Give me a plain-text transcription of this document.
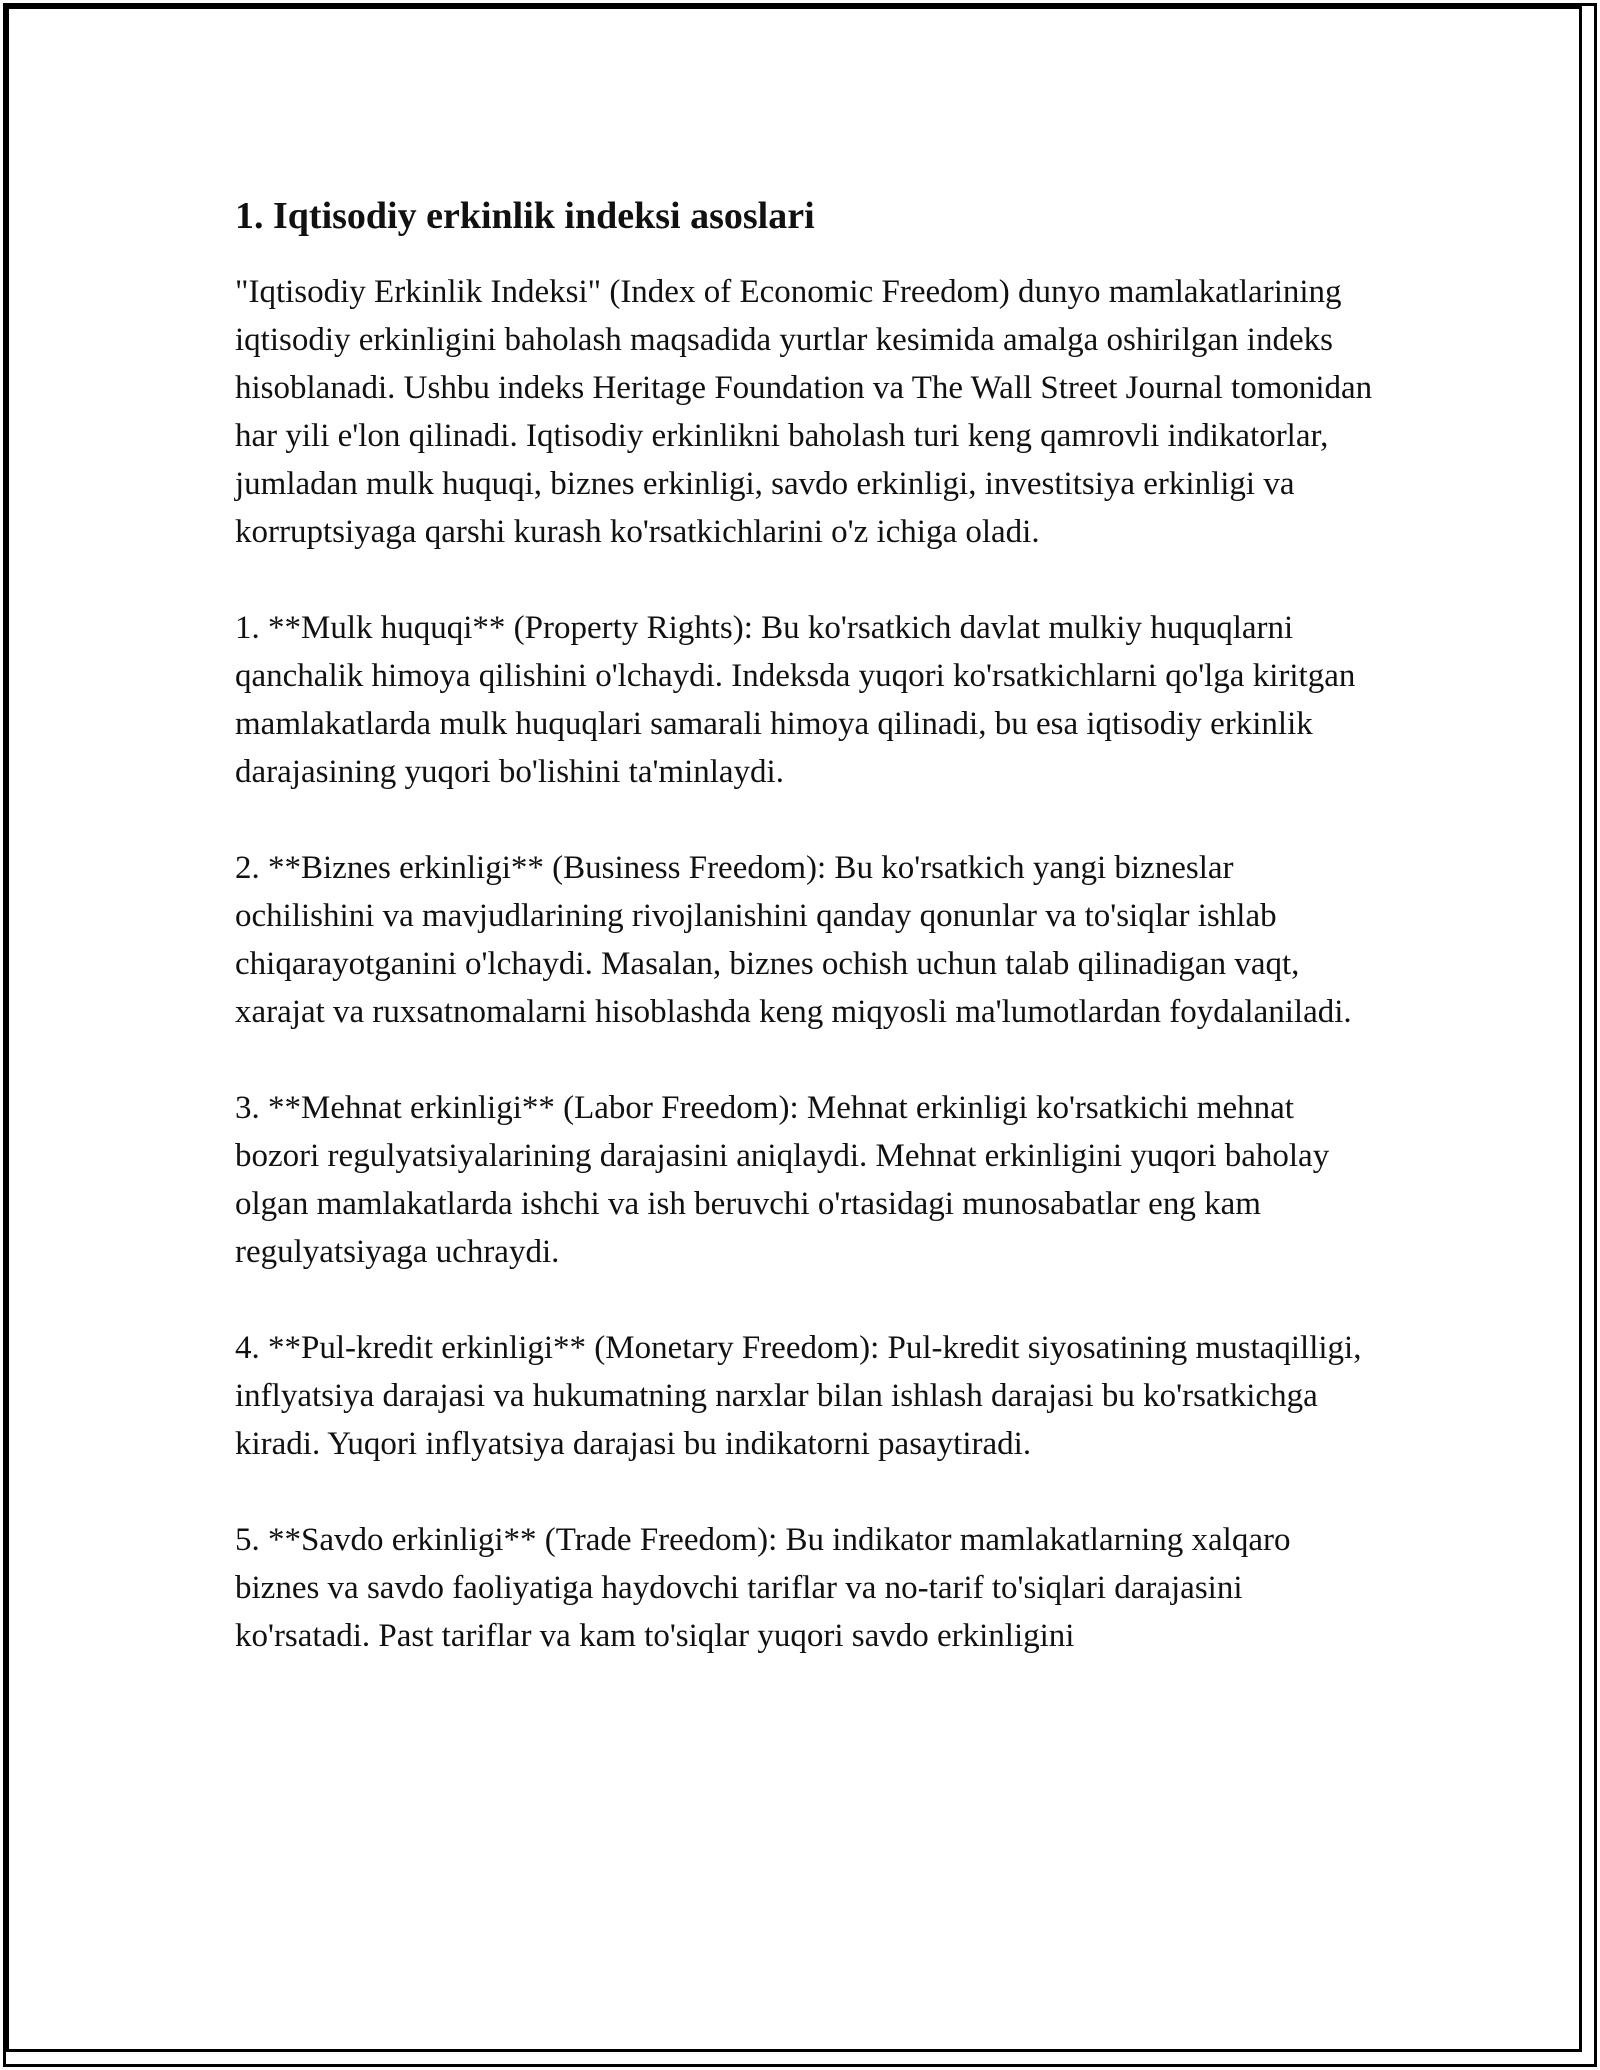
1. Iqtisodiy erkinlik indeksi asoslari

"Iqtisodiy Erkinlik Indeksi" (Index of Economic Freedom) dunyo mamlakatlarining iqtisodiy erkinligini baholash maqsadida yurtlar kesimida amalga oshirilgan indeks hisoblanadi. Ushbu indeks Heritage Foundation va The Wall Street Journal tomonidan har yili e'lon qilinadi. Iqtisodiy erkinlikni baholash turi keng qamrovli indikatorlar, jumladan mulk huquqi, biznes erkinligi, savdo erkinligi, investitsiya erkinligi va korruptsiyaga qarshi kurash ko'rsatkichlarini o'z ichiga oladi.

1. **Mulk huquqi** (Property Rights): Bu ko'rsatkich davlat mulkiy huquqlarni qanchalik himoya qilishini o'lchaydi. Indeksda yuqori ko'rsatkichlarni qo'lga kiritgan mamlakatlarda mulk huquqlari samarali himoya qilinadi, bu esa iqtisodiy erkinlik darajasining yuqori bo'lishini ta'minlaydi.

2. **Biznes erkinligi** (Business Freedom): Bu ko'rsatkich yangi bizneslar ochilishini va mavjudlarining rivojlanishini qanday qonunlar va to'siqlar ishlab chiqarayotganini o'lchaydi. Masalan, biznes ochish uchun talab qilinadigan vaqt, xarajat va ruxsatnomalarni hisoblashda keng miqyosli ma'lumotlardan foydalaniladi.

3. **Mehnat erkinligi** (Labor Freedom): Mehnat erkinligi ko'rsatkichi mehnat bozori regulyatsiyalarining darajasini aniqlaydi. Mehnat erkinligini yuqori baholay olgan mamlakatlarda ishchi va ish beruvchi o'rtasidagi munosabatlar eng kam regulyatsiyaga uchraydi.

4. **Pul-kredit erkinligi** (Monetary Freedom): Pul-kredit siyosatining mustaqilligi, inflyatsiya darajasi va hukumatning narxlar bilan ishlash darajasi bu ko'rsatkichga kiradi. Yuqori inflyatsiya darajasi bu indikatorni pasaytiradi.

5. **Savdo erkinligi** (Trade Freedom): Bu indikator mamlakatlarning xalqaro biznes va savdo faoliyatiga haydovchi tariflar va no-tarif to'siqlari darajasini ko'rsatadi. Past tariflar va kam to'siqlar yuqori savdo erkinligini
